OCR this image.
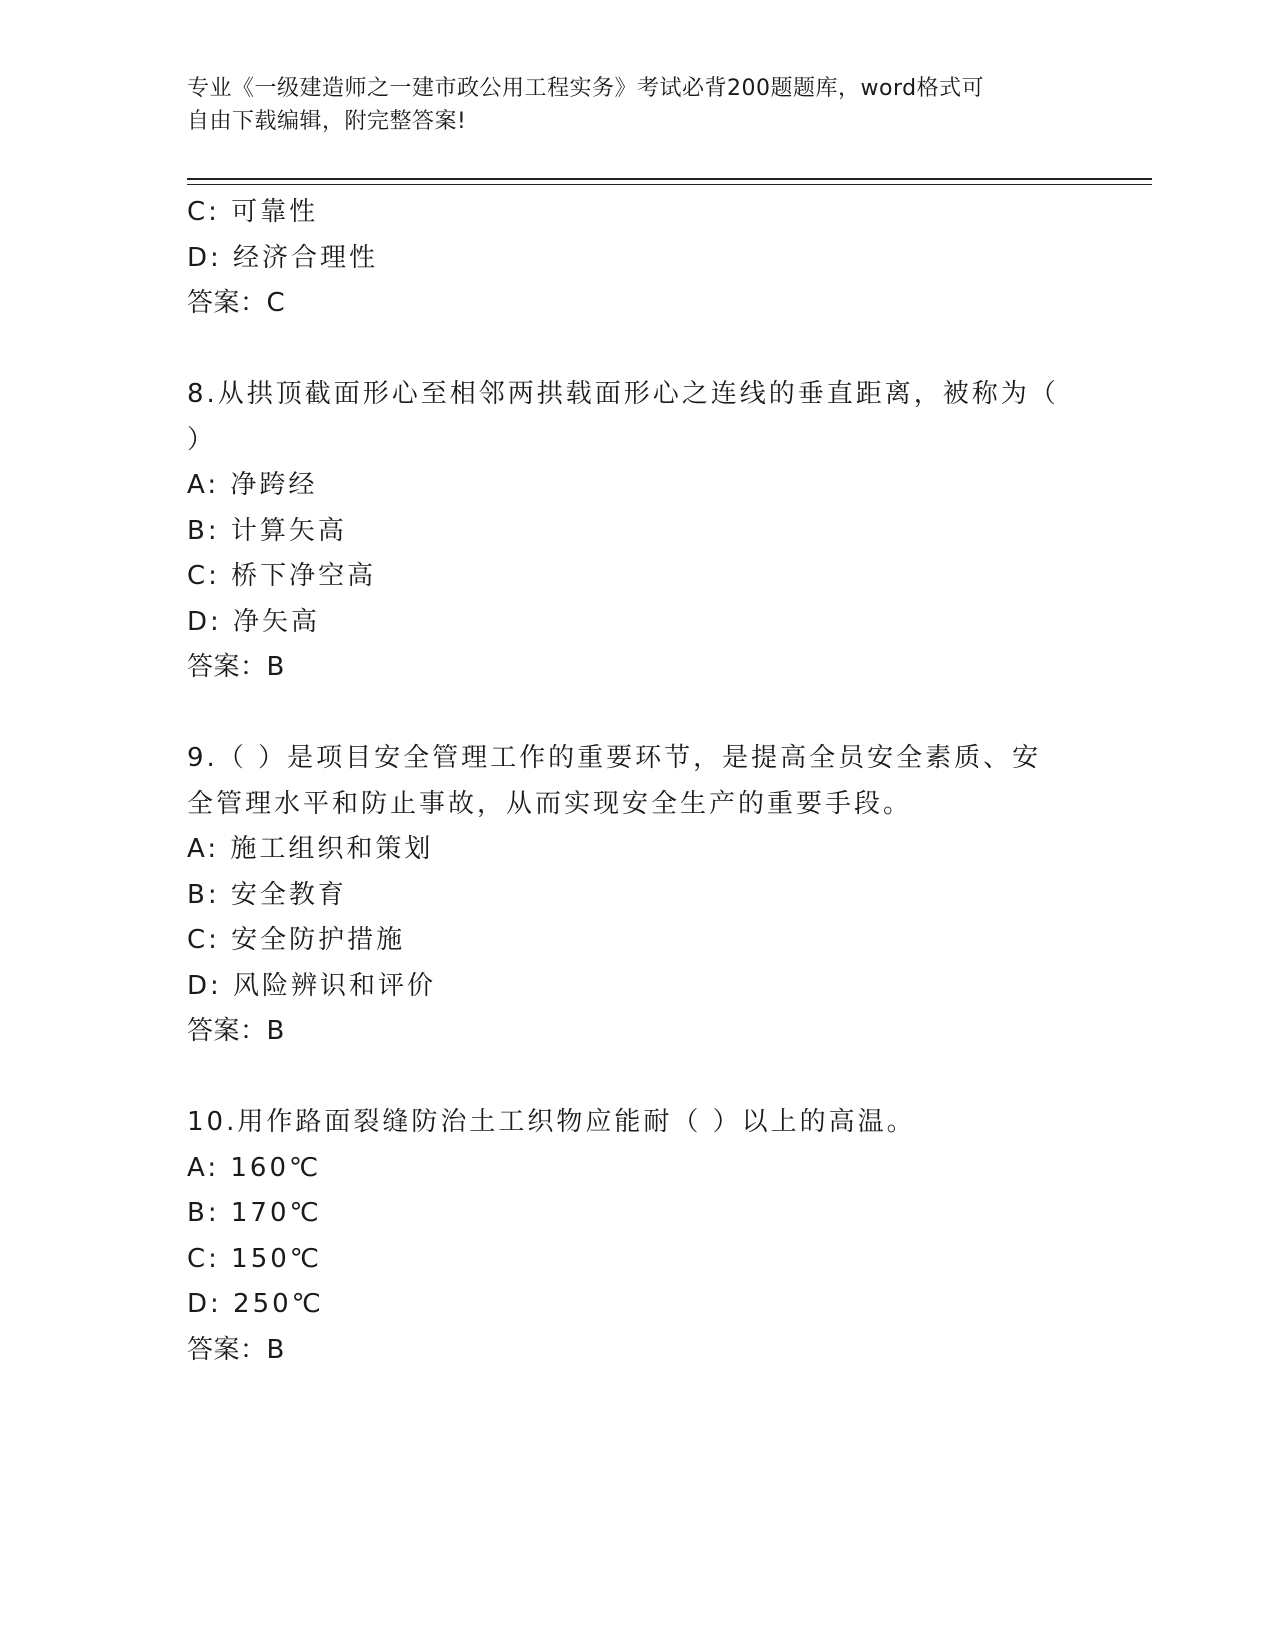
专业《一级建造师之一建市政公用工程实务》考试必背200题题库，word格式可
自由下载编辑，附完整答案!
C: 可靠性
D: 经济合理性
答案：C
8.从拱顶截面形心至相邻两拱载面形心之连线的垂直距离，被称为（
）
A: 净跨经
B: 计算矢高
C: 桥下净空高
D: 净矢高
答案：B
9.（ ）是项目安全管理工作的重要环节，是提高全员安全素质、安
全管理水平和防止事故，从而实现安全生产的重要手段。
A: 施工组织和策划
B: 安全教育
C: 安全防护措施
D: 风险辨识和评价
答案：B
10.用作路面裂缝防治土工织物应能耐（ ）以上的高温。
A: 160℃
B: 170℃
C: 150℃
D: 250℃
答案：B
